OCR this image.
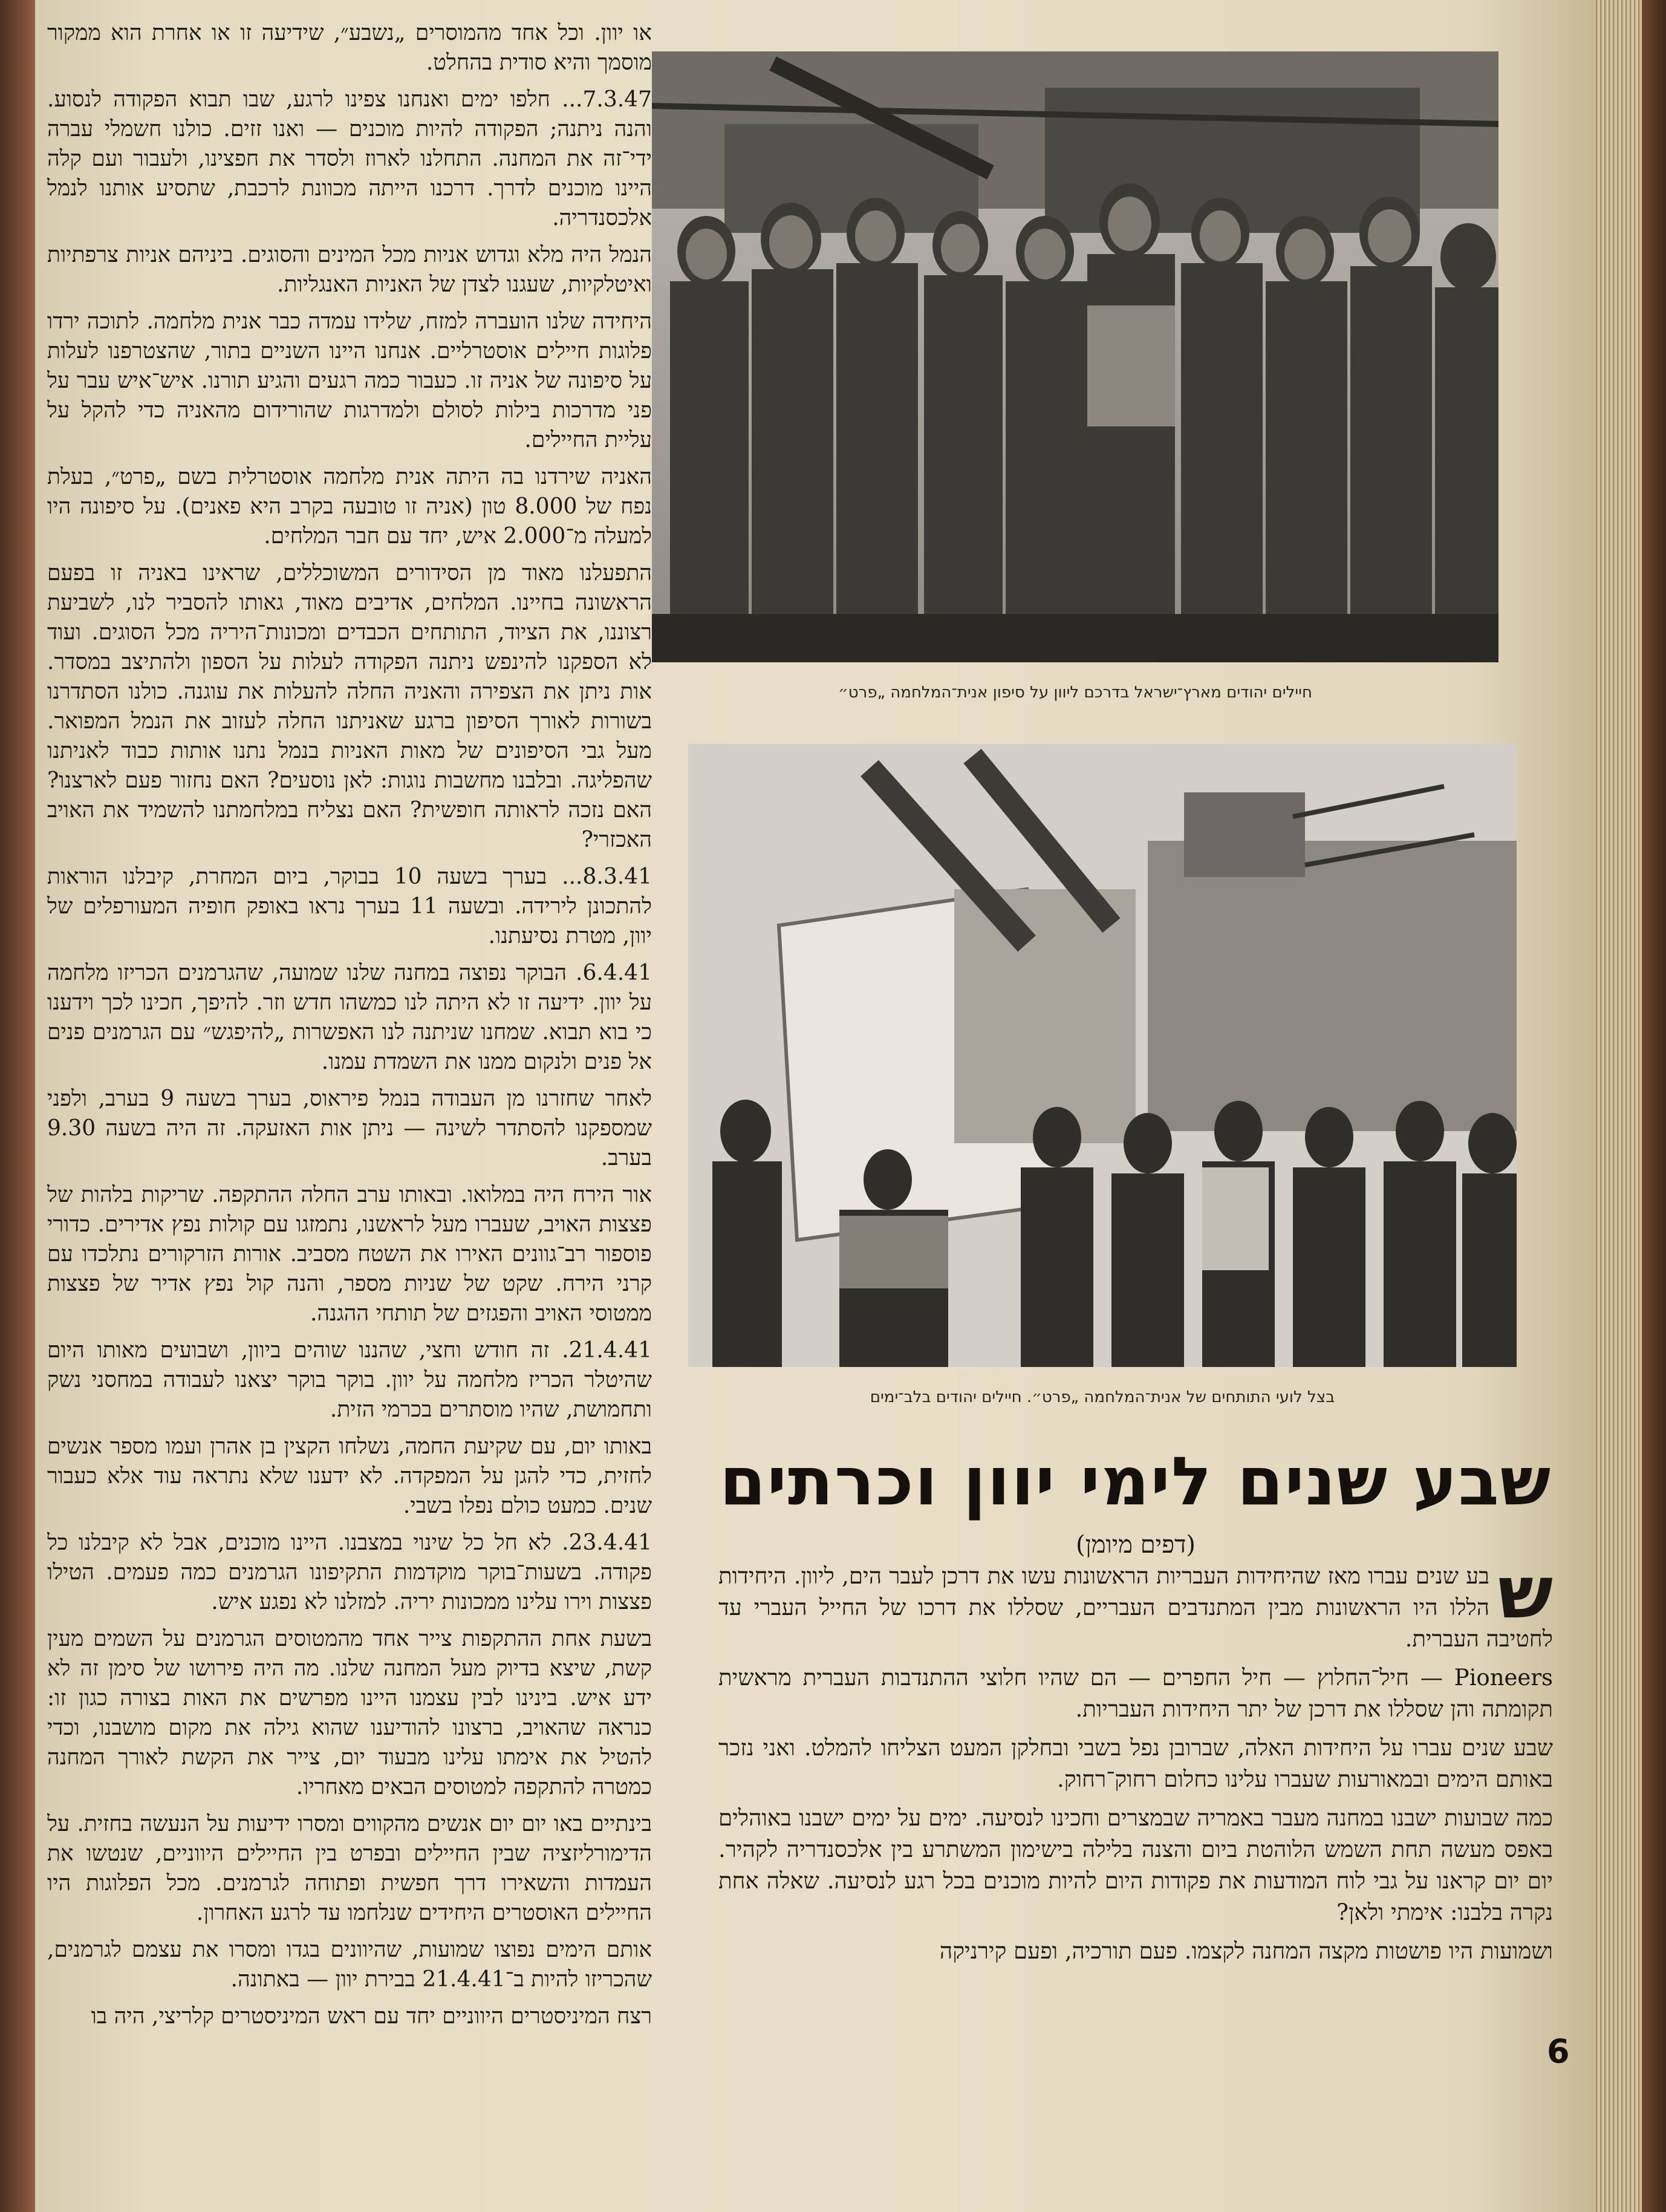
או יוון. וכל אחד מהמוסרים „נשבע״, שידיעה זו או אחרת הוא ממקור מוסמך והיא סודית בהחלט.

7.3.47... חלפו ימים ואנחנו צפינו לרגע, שבו תבוא הפקודה לנסוע. והנה ניתנה; הפקודה להיות מוכנים — ואנו זזים. כולנו חשמלי עברה ידי־זה את המחנה. התחלנו לארוז ולסדר את חפצינו, ולעבור ועם קלה היינו מוכנים לדרך. דרכנו הייתה מכוונת לרכבת, שתסיע אותנו לנמל אלכסנדריה.

הנמל היה מלא וגדוש אניות מכל המינים והסוגים. ביניהם אניות צרפתיות ואיטלקיות, שעגנו לצדן של האניות האנגליות.

היחידה שלנו הועברה למזח, שלידו עמדה כבר אנית מלחמה. לתוכה ירדו פלוגות חיילים אוסטרליים. אנחנו היינו השניים בתור, שהצטרפנו לעלות על סיפונה של אניה זו. כעבור כמה רגעים והגיע תורנו. איש־איש עבר על פני מדרכות בילות לסולם ולמדרגות שהורידום מהאניה כדי להקל על עליית החיילים.

האניה שירדנו בה היתה אנית מלחמה אוסטרלית בשם „פרט״, בעלת נפח של 8.000 טון (אניה זו טובעה בקרב היא פאנים). על סיפונה היו למעלה מ־2.000 איש, יחד עם חבר המלחים.

התפעלנו מאוד מן הסידורים המשוכללים, שראינו באניה זו בפעם הראשונה בחיינו. המלחים, אדיבים מאוד, גאותו להסביר לנו, לשביעת רצוננו, את הציוד, התותחים הכבדים ומכונות־היריה מכל הסוגים. ועוד לא הספקנו להינפש ניתנה הפקודה לעלות על הספון ולהתיצב במסדר. אות ניתן את הצפירה והאניה החלה להעלות את עוגנה. כולנו הסתדרנו בשורות לאורך הסיפון ברגע שאניתנו החלה לעזוב את הנמל המפואר. מעל גבי הסיפונים של מאות האניות בנמל נתנו אותות כבוד לאניתנו שהפליגה. ובלבנו מחשבות נוגות: לאן נוסעים? האם נחזור פעם לארצנו? האם נזכה לראותה חופשית? האם נצליח במלחמתנו להשמיד את האויב האכזרי?

8.3.41... בערך בשעה 10 בבוקר, ביום המחרת, קיבלנו הוראות להתכונן לירידה. ובשעה 11 בערך נראו באופק חופיה המעורפלים של יוון, מטרת נסיעתנו.

6.4.41. הבוקר נפוצה במחנה שלנו שמועה, שהגרמנים הכריזו מלחמה על יוון. ידיעה זו לא היתה לנו כמשהו חדש וזר. להיפך, חכינו לכך וידענו כי בוא תבוא. שמחנו שניתנה לנו האפשרות „להיפגש״ עם הגרמנים פנים אל פנים ולנקום ממנו את השמדת עמנו.

לאחר שחזרנו מן העבודה בנמל פיראוס, בערך בשעה 9 בערב, ולפני שמספקנו להסתדר לשינה — ניתן אות האזעקה. זה היה בשעה 9.30 בערב.

אור הירח היה במלואו. ובאותו ערב החלה ההתקפה. שריקות בלהות של פצצות האויב, שעברו מעל לראשנו, נתמזגו עם קולות נפץ אדירים. כדורי פוספור רב־גוונים האירו את השטח מסביב. אורות הזרקורים נתלכדו עם קרני הירח. שקט של שניות מספר, והנה קול נפץ אדיר של פצצות ממטוסי האויב והפגזים של תותחי ההגנה.

21.4.41. זה חודש וחצי, שהננו שוהים ביוון, ושבועים מאותו היום שהיטלר הכריז מלחמה על יוון. בוקר בוקר יצאנו לעבודה במחסני נשק ותחמושת, שהיו מוסתרים בכרמי הזית.

באותו יום, עם שקיעת החמה, נשלחו הקצין בן אהרן ועמו מספר אנשים לחזית, כדי להגן על המפקדה. לא ידענו שלא נתראה עוד אלא כעבור שנים. כמעט כולם נפלו בשבי.

23.4.41. לא חל כל שינוי במצבנו. היינו מוכנים, אבל לא קיבלנו כל פקודה. בשעות־בוקר מוקדמות התקיפונו הגרמנים כמה פעמים. הטילו פצצות וירו עלינו ממכונות יריה. למזלנו לא נפגע איש.

בשעת אחת ההתקפות צייר אחד מהמטוסים הגרמנים על השמים מעין קשת, שיצא בדיוק מעל המחנה שלנו. מה היה פירושו של סימן זה לא ידע איש. בינינו לבין עצמנו היינו מפרשים את האות בצורה כגון זו: כנראה שהאויב, ברצונו להודיענו שהוא גילה את מקום מושבנו, וכדי להטיל את אימתו עלינו מבעוד יום, צייר את הקשת לאורך המחנה כמטרה להתקפה למטוסים הבאים מאחריו.

בינתיים באו יום יום אנשים מהקווים ומסרו ידיעות על הנעשה בחזית. על הדימורליזציה שבין החיילים ובפרט בין החיילים היווניים, שנטשו את העמדות והשאירו דרך חפשית ופתוחה לגרמנים. מכל הפלוגות היו החיילים האוסטרים היחידים שנלחמו עד לרגע האחרון.

אותם הימים נפוצו שמועות, שהיוונים בגדו ומסרו את עצמם לגרמנים, שהכריזו להיות ב־21.4.41 בבירת יוון — באתונה.

רצח המיניסטרים היווניים יחד עם ראש המיניסטרים קלריצי, היה בו

חיילים יהודים מארץ־ישראל בדרכם ליוון על סיפון אנית־המלחמה „פרט״
בצל לועי התותחים של אנית־המלחמה „פרט״. חיילים יהודים בלב־ימים
שבע שנים לימי יוון וכרתים
(דפים מיומן)

ש
בע שנים עברו מאז שהיחידות העבריות הראשונות עשו את דרכן לעבר הים, ליוון. היחידות הללו היו הראשונות מבין המתנדבים העבריים, שסללו את דרכו של החייל העברי עד לחטיבה העברית.

Pioneers — חיל־החלוץ — חיל החפרים — הם שהיו חלוצי ההתנדבות העברית מראשית תקומתה והן שסללו את דרכן של יתר היחידות העבריות.

שבע שנים עברו על היחידות האלה, שברובן נפל בשבי ובחלקן המעט הצליחו להמלט. ואני נזכר באותם הימים ובמאורעות שעברו עלינו כחלום רחוק־רחוק.

כמה שבועות ישבנו במחנה מעבר באמריה שבמצרים וחכינו לנסיעה. ימים על ימים ישבנו באוהלים באפס מעשה תחת השמש הלוהטת ביום והצנה בלילה בישימון המשתרע בין אלכסנדריה לקהיר. יום יום קראנו על גבי לוח המודעות את פקודות היום להיות מוכנים בכל רגע לנסיעה. שאלה אחת נקרה בלבנו: אימתי ולאן?

ושמועות היו פושטות מקצה המחנה לקצמו. פעם תורכיה, ופעם קירניקה

6
